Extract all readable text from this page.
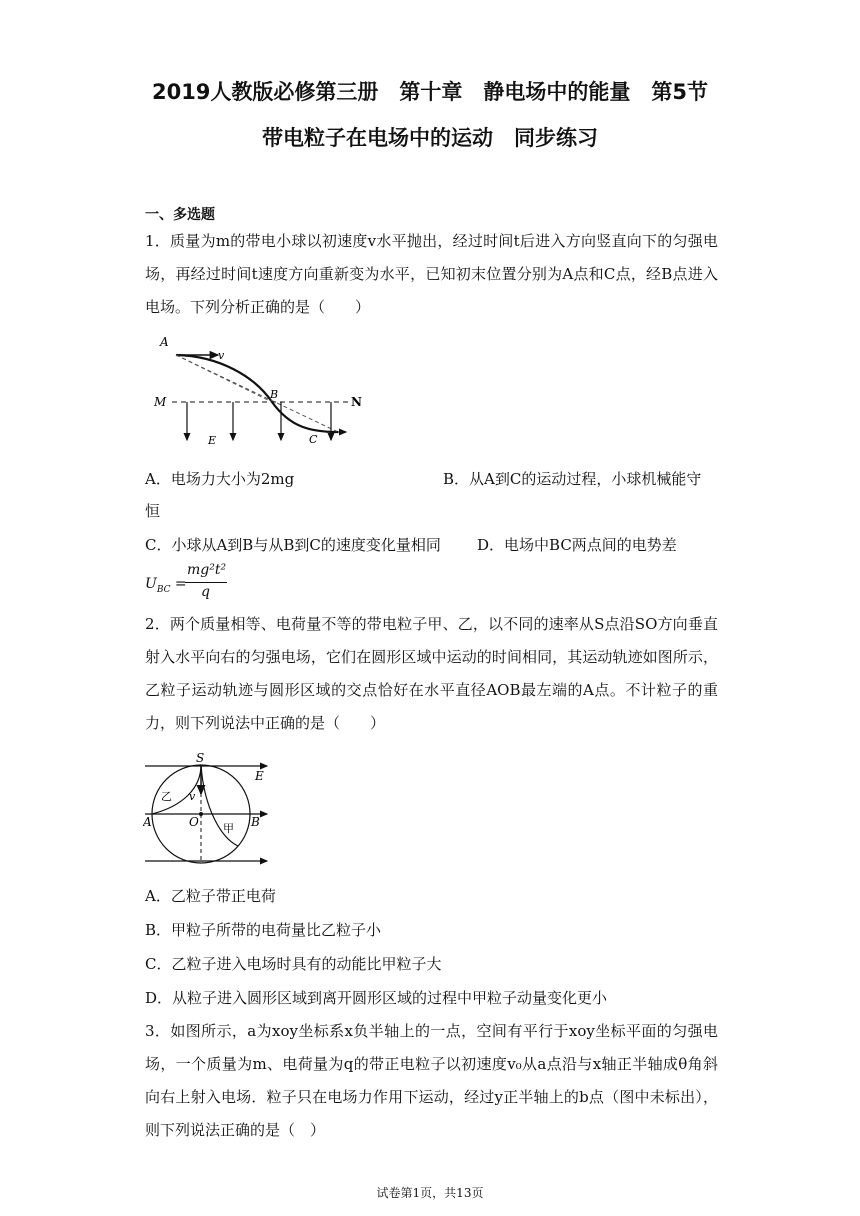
2019人教版必修第三册　第十章　静电场中的能量　第5节
带电粒子在电场中的运动　同步练习
一、多选题
1．质量为m的带电小球以初速度v水平抛出，经过时间t后进入方向竖直向下的匀强电场，再经过时间t速度方向重新变为水平，已知初末位置分别为A点和C点，经B点进入电场。下列分析正确的是（　　）
A
v
M	N
B
E	C
A．电场力大小为2mg	B．从A到C的运动过程，小球机械能守
恒
C．小球从A到B与从B到C的速度变化量相同 D．电场中BC两点间的电势差
$U_{BC}$ =
mg²t²
q
2．两个质量相等、电荷量不等的带电粒子甲、乙，以不同的速率从S点沿SO方向垂直射入水平向右的匀强电场，它们在圆形区域中运动的时间相同，其运动轨迹如图所示，乙粒子运动轨迹与圆形区域的交点恰好在水平直径AOB最左端的A点。不计粒子的重力，则下列说法中正确的是（　　）
S
E
乙 v
A	O 甲 B
A．乙粒子带正电荷
B．甲粒子所带的电荷量比乙粒子小
C．乙粒子进入电场时具有的动能比甲粒子大
D．从粒子进入圆形区域到离开圆形区域的过程中甲粒子动量变化更小
3．如图所示，a为xoy坐标系x负半轴上的一点，空间有平行于xoy坐标平面的匀强电场，一个质量为m、电荷量为q的带正电粒子以初速度v₀从a点沿与x轴正半轴成θ角斜向右上射入电场．粒子只在电场力作用下运动，经过y正半轴上的b点（图中未标出），则下列说法正确的是（　）
试卷第1页，共13页
